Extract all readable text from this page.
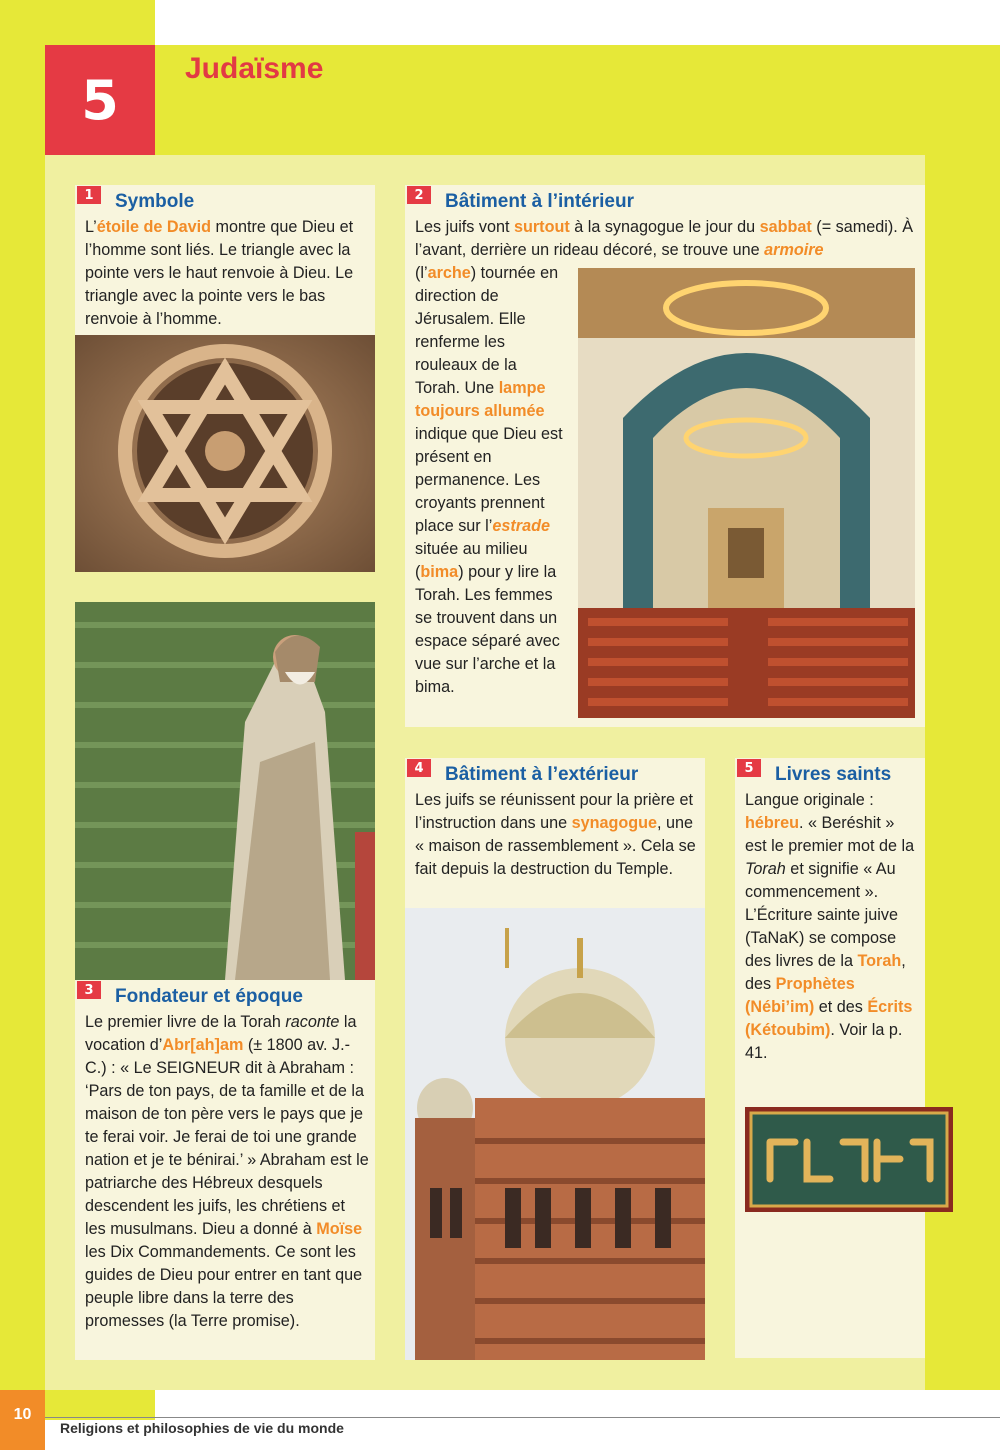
5	Judaïsme
1	Symbole
L’étoile de David montre que Dieu et l’homme sont liés. Le triangle avec la pointe vers le haut renvoie à Dieu. Le triangle avec la pointe vers le bas renvoie à l’homme.
2	Bâtiment à l’intérieur
Les juifs vont surtout à la synagogue le jour du sabbat (= samedi). À l’avant, derrière un rideau décoré, se trouve une armoire
(l’arche) tournée en direction de Jérusalem. Elle renferme les rouleaux de la Torah. Une lampe toujours allumée indique que Dieu est présent en permanence. Les croyants prennent place sur l’estrade située au milieu (bima) pour y lire la Torah. Les femmes se trouvent dans un espace séparé avec vue sur l’arche et la bima.
3	Fondateur et époque
Le premier livre de la Torah raconte la vocation d’Abr[ah]am (± 1800 av. J.-C.) : « Le SEIGNEUR dit à Abraham : ‘Pars de ton pays, de ta famille et de la maison de ton père vers le pays que je te ferai voir. Je ferai de toi une grande nation et je te bénirai.’ » Abraham est le patriarche des Hébreux desquels descendent les juifs, les chrétiens et les musulmans. Dieu a donné à Moïse les Dix Commandements. Ce sont les guides de Dieu pour entrer en tant que peuple libre dans la terre des promesses (la Terre promise).
4	Bâtiment à l’extérieur
Les juifs se réunissent pour la prière et l’instruction dans une synagogue, une « maison de rassemblement ». Cela se fait depuis la destruction du Temple.
5	Livres saints
Langue originale : hébreu. « Beréshit » est le premier mot de la Torah et signifie « Au commencement ». L’Écriture sainte juive (TaNaK) se compose des livres de la Torah, des Prophètes (Nébi’im) et des Écrits (Kétoubim). Voir la p. 41.
10
Religions et philosophies de vie du monde
